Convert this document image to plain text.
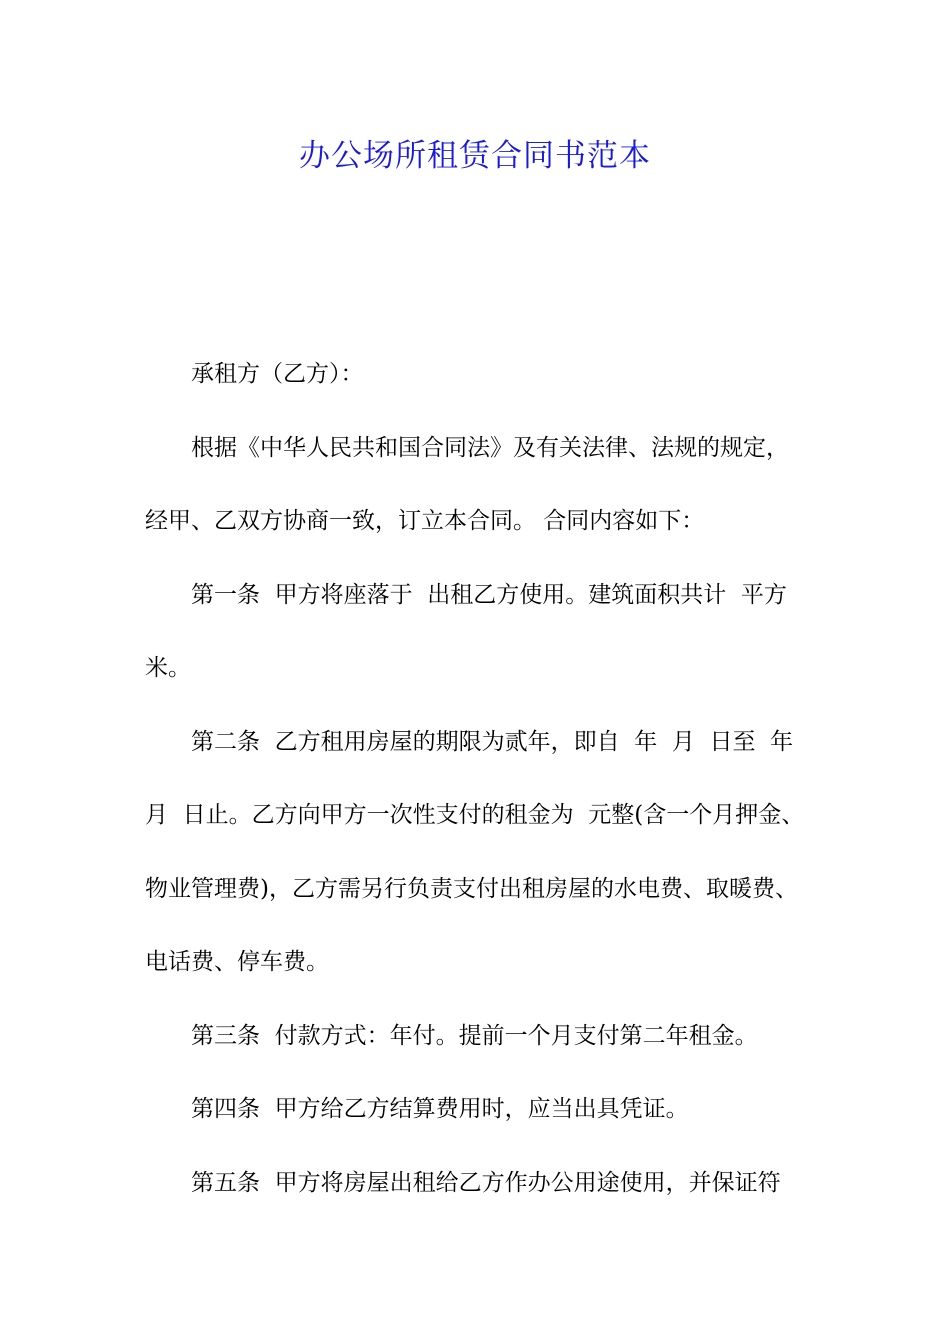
办公场所租赁合同书范本
承租方（乙方）：
根据《中华人民共和国合同法》及有关法律、法规的规定，
经甲、乙双方协商一致，订立本合同。 合同内容如下：
第一条  甲方将座落于  出租乙方使用。建筑面积共计  平方
米。
第二条  乙方租用房屋的期限为贰年，即自  年  月  日至  年
月  日止。乙方向甲方一次性支付的租金为  元整(含一个月押金、
物业管理费)，乙方需另行负责支付出租房屋的水电费、取暖费、
电话费、停车费。
第三条  付款方式：年付。提前一个月支付第二年租金。
第四条  甲方给乙方结算费用时，应当出具凭证。
第五条  甲方将房屋出租给乙方作办公用途使用，并保证符
